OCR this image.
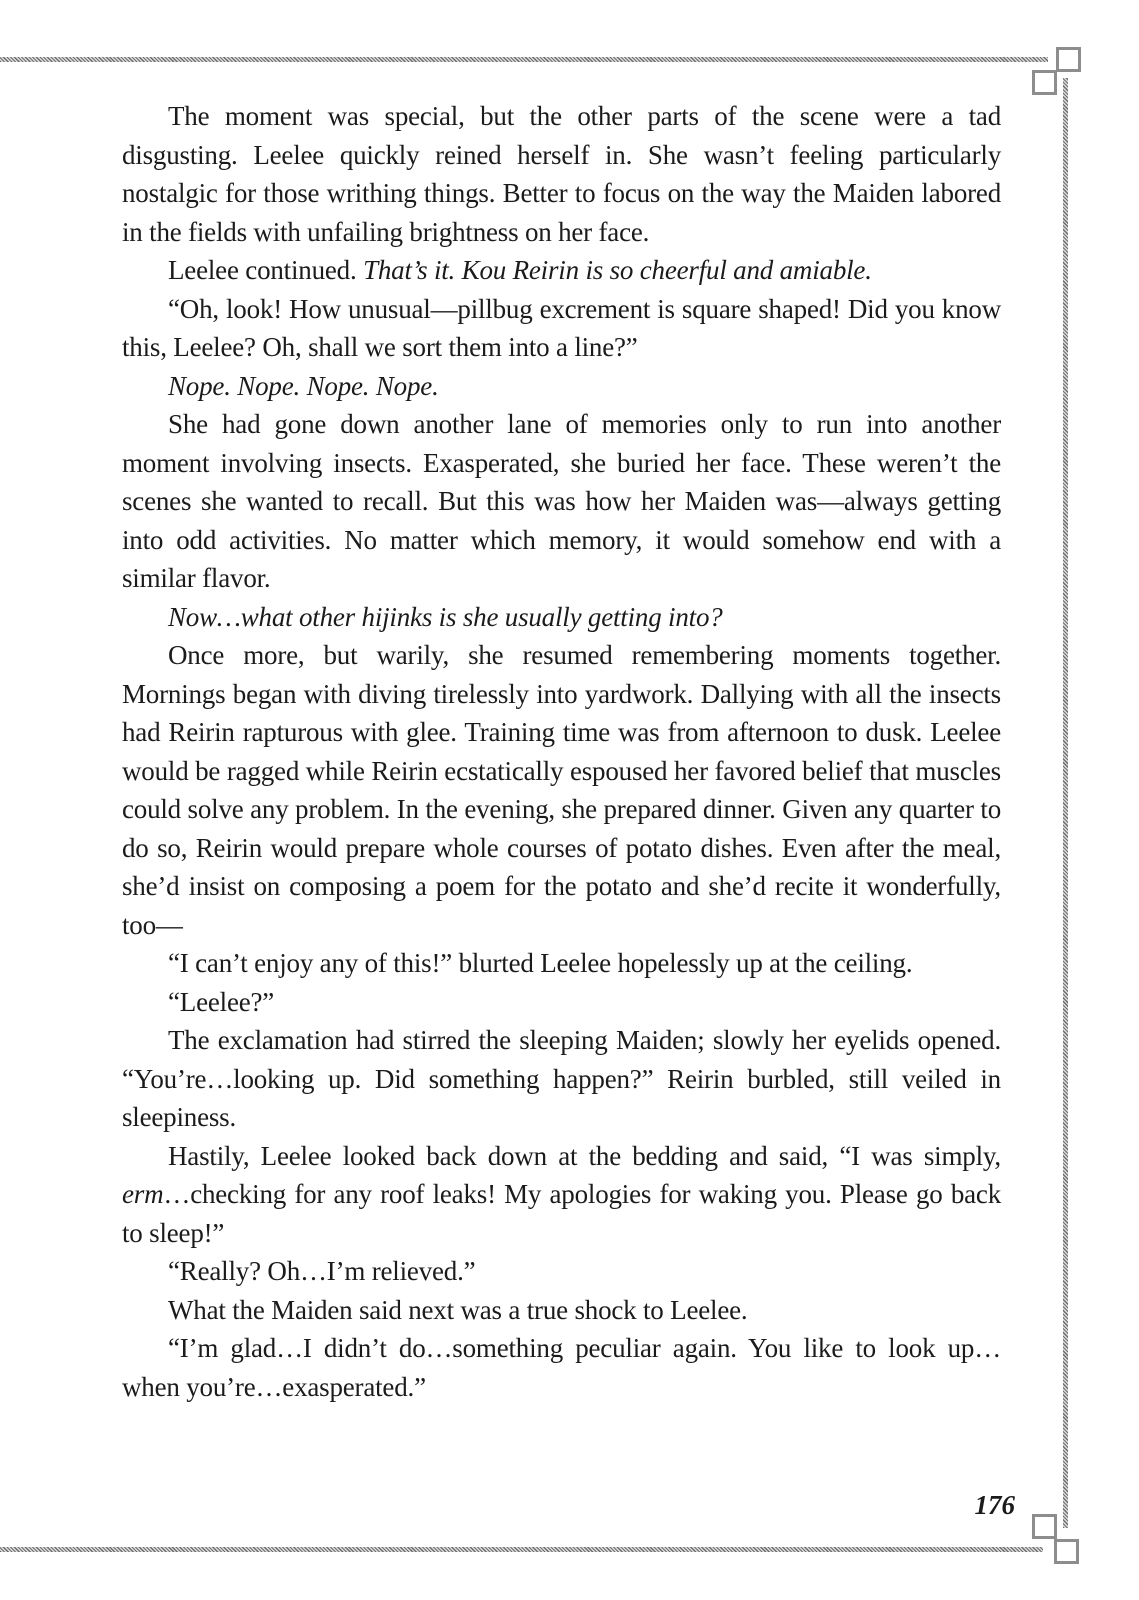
The moment was special, but the other parts of the scene were a tad disgusting. Leelee quickly reined herself in. She wasn’t feeling particularly nostalgic for those writhing things. Better to focus on the way the Maiden labored in the fields with unfailing brightness on her face.

Leelee continued. That’s it. Kou Reirin is so cheerful and amiable.

“Oh, look! How unusual—pillbug excrement is square shaped! Did you know this, Leelee? Oh, shall we sort them into a line?”

Nope. Nope. Nope. Nope.

She had gone down another lane of memories only to run into another moment involving insects. Exasperated, she buried her face. These weren’t the scenes she wanted to recall. But this was how her Maiden was—always getting into odd activities. No matter which memory, it would somehow end with a similar flavor.

Now…what other hijinks is she usually getting into?

Once more, but warily, she resumed remembering moments together. Mornings began with diving tirelessly into yardwork. Dallying with all the insects had Reirin rapturous with glee. Training time was from afternoon to dusk. Leelee would be ragged while Reirin ecstatically espoused her favored belief that muscles could solve any problem. In the evening, she prepared dinner. Given any quarter to do so, Reirin would prepare whole courses of potato dishes. Even after the meal, she’d insist on composing a poem for the potato and she’d recite it wonderfully, too—

“I can’t enjoy any of this!” blurted Leelee hopelessly up at the ceiling.

“Leelee?”

The exclamation had stirred the sleeping Maiden; slowly her eyelids opened. “You’re…looking up. Did something happen?” Reirin burbled, still veiled in sleepiness.

Hastily, Leelee looked back down at the bedding and said, “I was simply, erm…checking for any roof leaks! My apologies for waking you. Please go back to sleep!”

“Really? Oh…I’m relieved.”

What the Maiden said next was a true shock to Leelee.

“I’m glad…I didn’t do…something peculiar again. You like to look up…when you’re…exasperated.”

176
